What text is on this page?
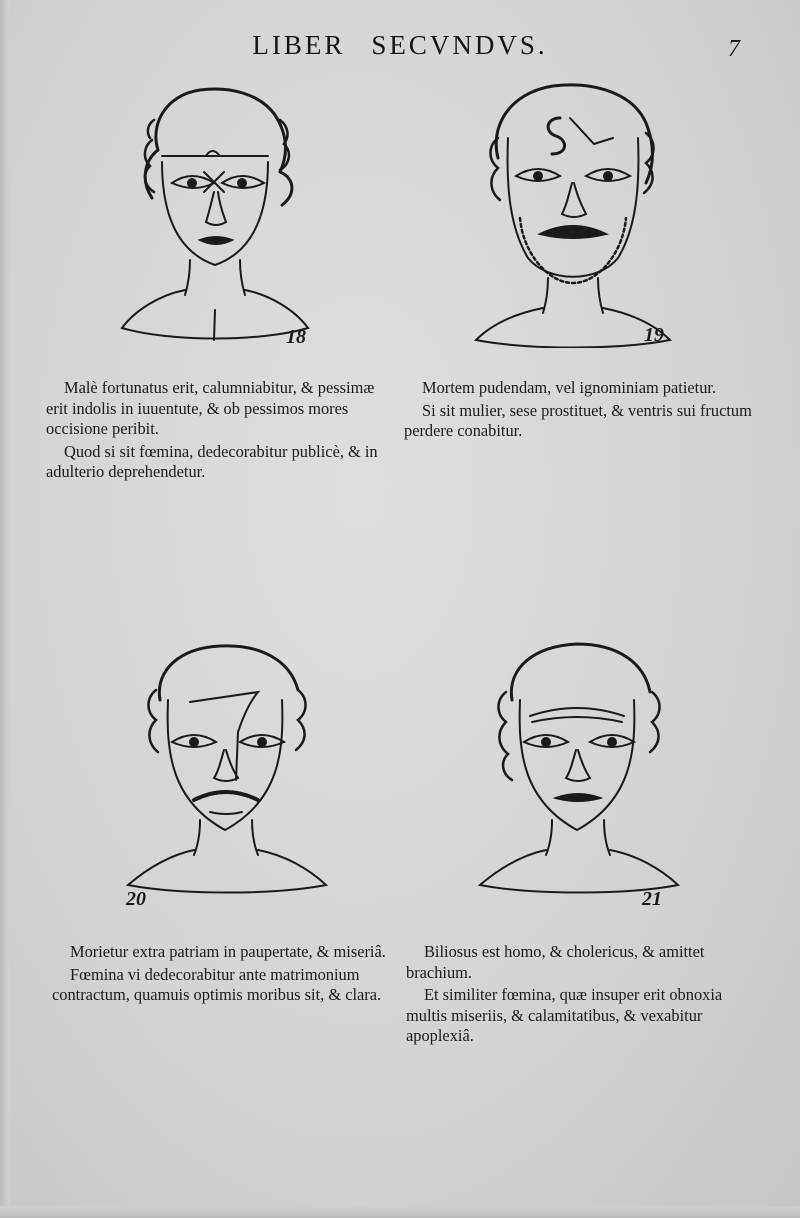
LIBER SECVNDVS.	7
18	19
20	21

Malè fortunatus erit, calumniabitur, & pessimæ erit indolis in iuuentute, & ob pessimos mores occisione peribit.

Quod si sit fœmina, dedecorabitur publicè, & in adulterio deprehendetur.

Mortem pudendam, vel ignominiam patietur.

Si sit mulier, sese prostituet, & ventris sui fructum perdere conabitur.

Morietur extra patriam in paupertate, & miseriâ.

Fœmina vi dedecorabitur ante matrimonium contractum, quamuis optimis moribus sit, & clara.

Biliosus est homo, & cholericus, & amittet brachium.

Et similiter fœmina, quæ insuper erit obnoxia multis miseriis, & calamitatibus, & vexabitur apoplexiâ.
